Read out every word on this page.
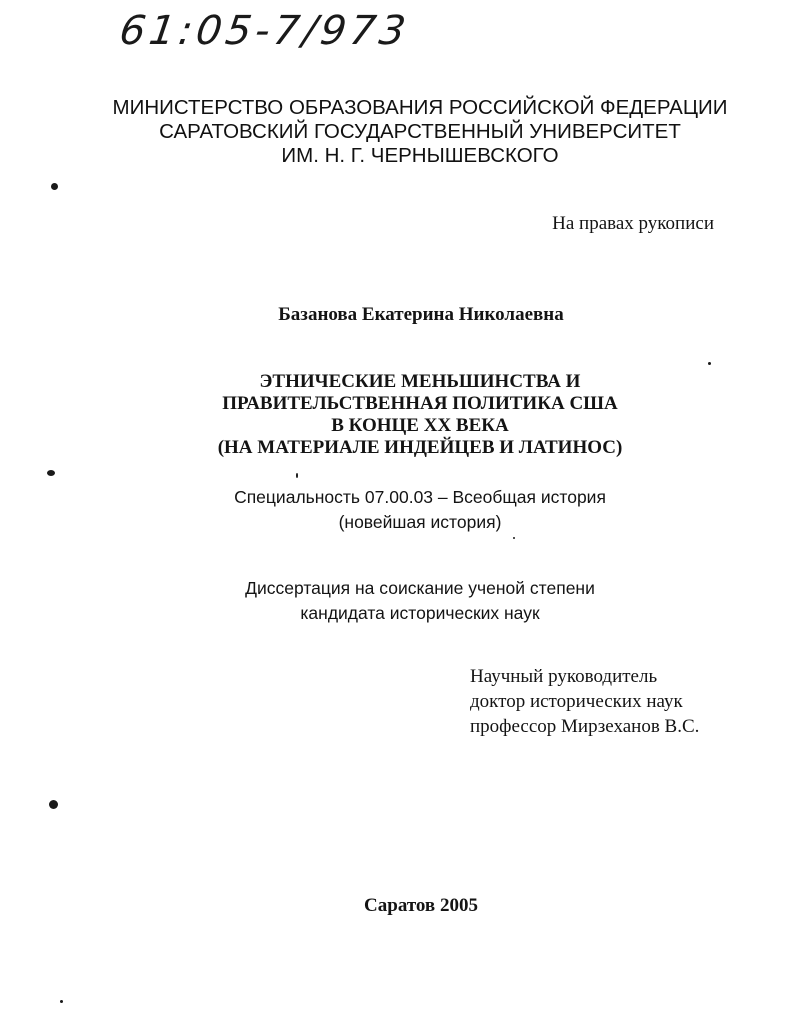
61:05-7/973
МИНИСТЕРСТВО ОБРАЗОВАНИЯ РОССИЙСКОЙ ФЕДЕРАЦИИ
САРАТОВСКИЙ ГОСУДАРСТВЕННЫЙ УНИВЕРСИТЕТ
ИМ. Н. Г. ЧЕРНЫШЕВСКОГО
На правах рукописи
Базанова Екатерина Николаевна
ЭТНИЧЕСКИЕ МЕНЬШИНСТВА И
ПРАВИТЕЛЬСТВЕННАЯ ПОЛИТИКА США
В КОНЦЕ XX ВЕКА
(НА МАТЕРИАЛЕ ИНДЕЙЦЕВ И ЛАТИНОС)
Специальность 07.00.03 – Всеобщая история
(новейшая история)
Диссертация на соискание ученой степени
кандидата исторических наук
Научный руководитель
доктор исторических наук
профессор Мирзеханов В.С.
Саратов 2005
